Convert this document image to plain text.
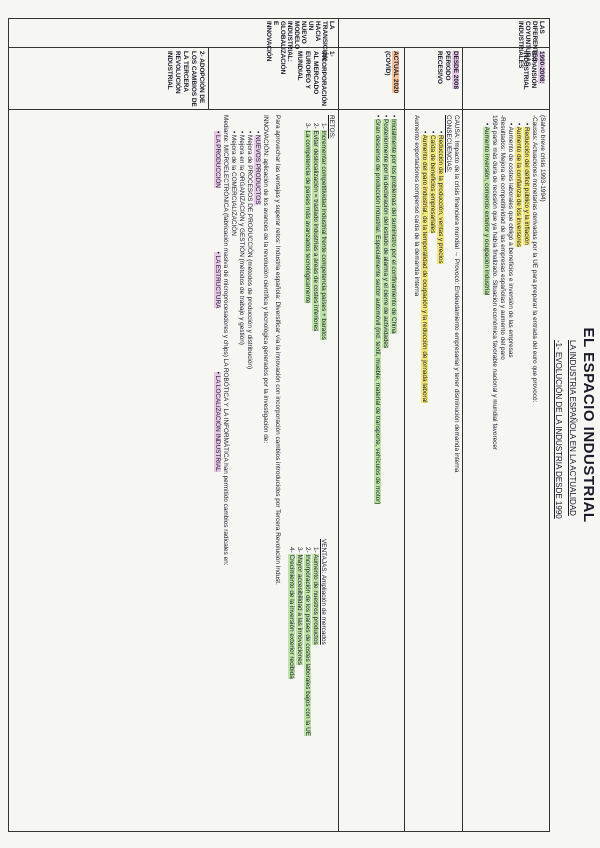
EL ESPACIO INDUSTRIAL
LA INDUSTRIA ESPAÑOLA EN LA ACTUALIDAD
-1- EVOLUCIÓN DE LA INDUSTRIA DESDE 1990
LAS DIFERENTES COYUNTURAS INDUSTRIALES
LA TRANSICIÓN HACIA UN NUEVO MODELO INDUSTRIAL: GLOBALIZACIÓN E INNOVACIÓN
1990-2008:
EXPANSIÓN INDUSTRIAL
DESDE 2008
PERIODO RECESIVO
ACTUAL 2020
(COVID)
1- INCORPORACIÓN AL MERCADO EUROPEO Y MUNDIAL
2- ADOPCIÓN DE LOS CAMBIOS DE LA TERCERA REVOLUCIÓN INDUSTRIAL
(Salvo breve crisis 1993-1994)
-Causas: Actuaciones monetarias derivadas por la UE para preparar la entrada del euro que provocó:
• Reducción del déficit público y la inflación
• Aumento de la confianza de los inversores
• Aumento de costes laborales que obligó a beneficios e inversión de las empresas
-Resultados: Mejora de competitividad de las empresas españolas y aumento del paro
1994 parte más dura de recesión que ya había finalizado. Situación económica favorable nacional y mundial favorecer
• Aumento inversión, comercio exterior y ocupación industrial
CAUSA: Impacto de la crisis financiera mundial → Provocó: Endeudamiento empresarial y tener disminución demanda interna
CONSECUENCIAS:
• Reducción de la producción, ventas y precios
• Caída de beneficios empresariales
• Aumento del paro industrial, de la temporalidad de ocupación y la reducción de jornada laboral
Aumento exportaciones compensó caída de la demanda interna
• Inicialmente por los problemas del suministro por el confinamiento de China
• Posteriormente por la declaración del estado de alarma y el cierre de actividades
• Gran descenso de producción industrial. Especialmente sector automóvil (ind. textil, mueble, material de transporte, vehículos de motor)
RETOS:
1- Incrementar competitividad industrial frente competencia países + baratos
2- Evitar deslocalización = traslado industrias a áreas de costes inferiores
3- La competencia de países más avanzados tecnológicamente
VENTAJAS: Ampliación de mercados
1- Aumento de nuestros productos
2- Incorporación de los países de costes laborales bajos con la UE
3- Mayor accesibilidad a las innovaciones
4- Crecimiento de la inversión exterior recibida
Para aprovechar las ventajas y superar retos: Industria española: Diversificar vía la innovación con incorporación cambios introducidos por Tercera Revolución Indust.
INNOVACIÓN: aplicación de los avances de la revolución científica y tecnológica generados por la investigación de:
• NUEVOS PRODUCTOS
• Mejora de PROCESOS DE PRODUCCIÓN (métodos de producción y distribución)
• Mejora en la ORGANIZACIÓN y GESTIÓN (métodos de trabajo y gestión)
• Mejora de la COMERCIALIZACIÓN
Mediante: MICROELECTRÓNICA (fabricación masiva de microprocesadores y chips) LA ROBÓTICA Y LA INFORMÁTICA han permitido cambios radicales en:
• LA PRODUCCIÓN  • LA ESTRUCTURA  • LA LOCALIZACIÓN INDUSTRIAL
